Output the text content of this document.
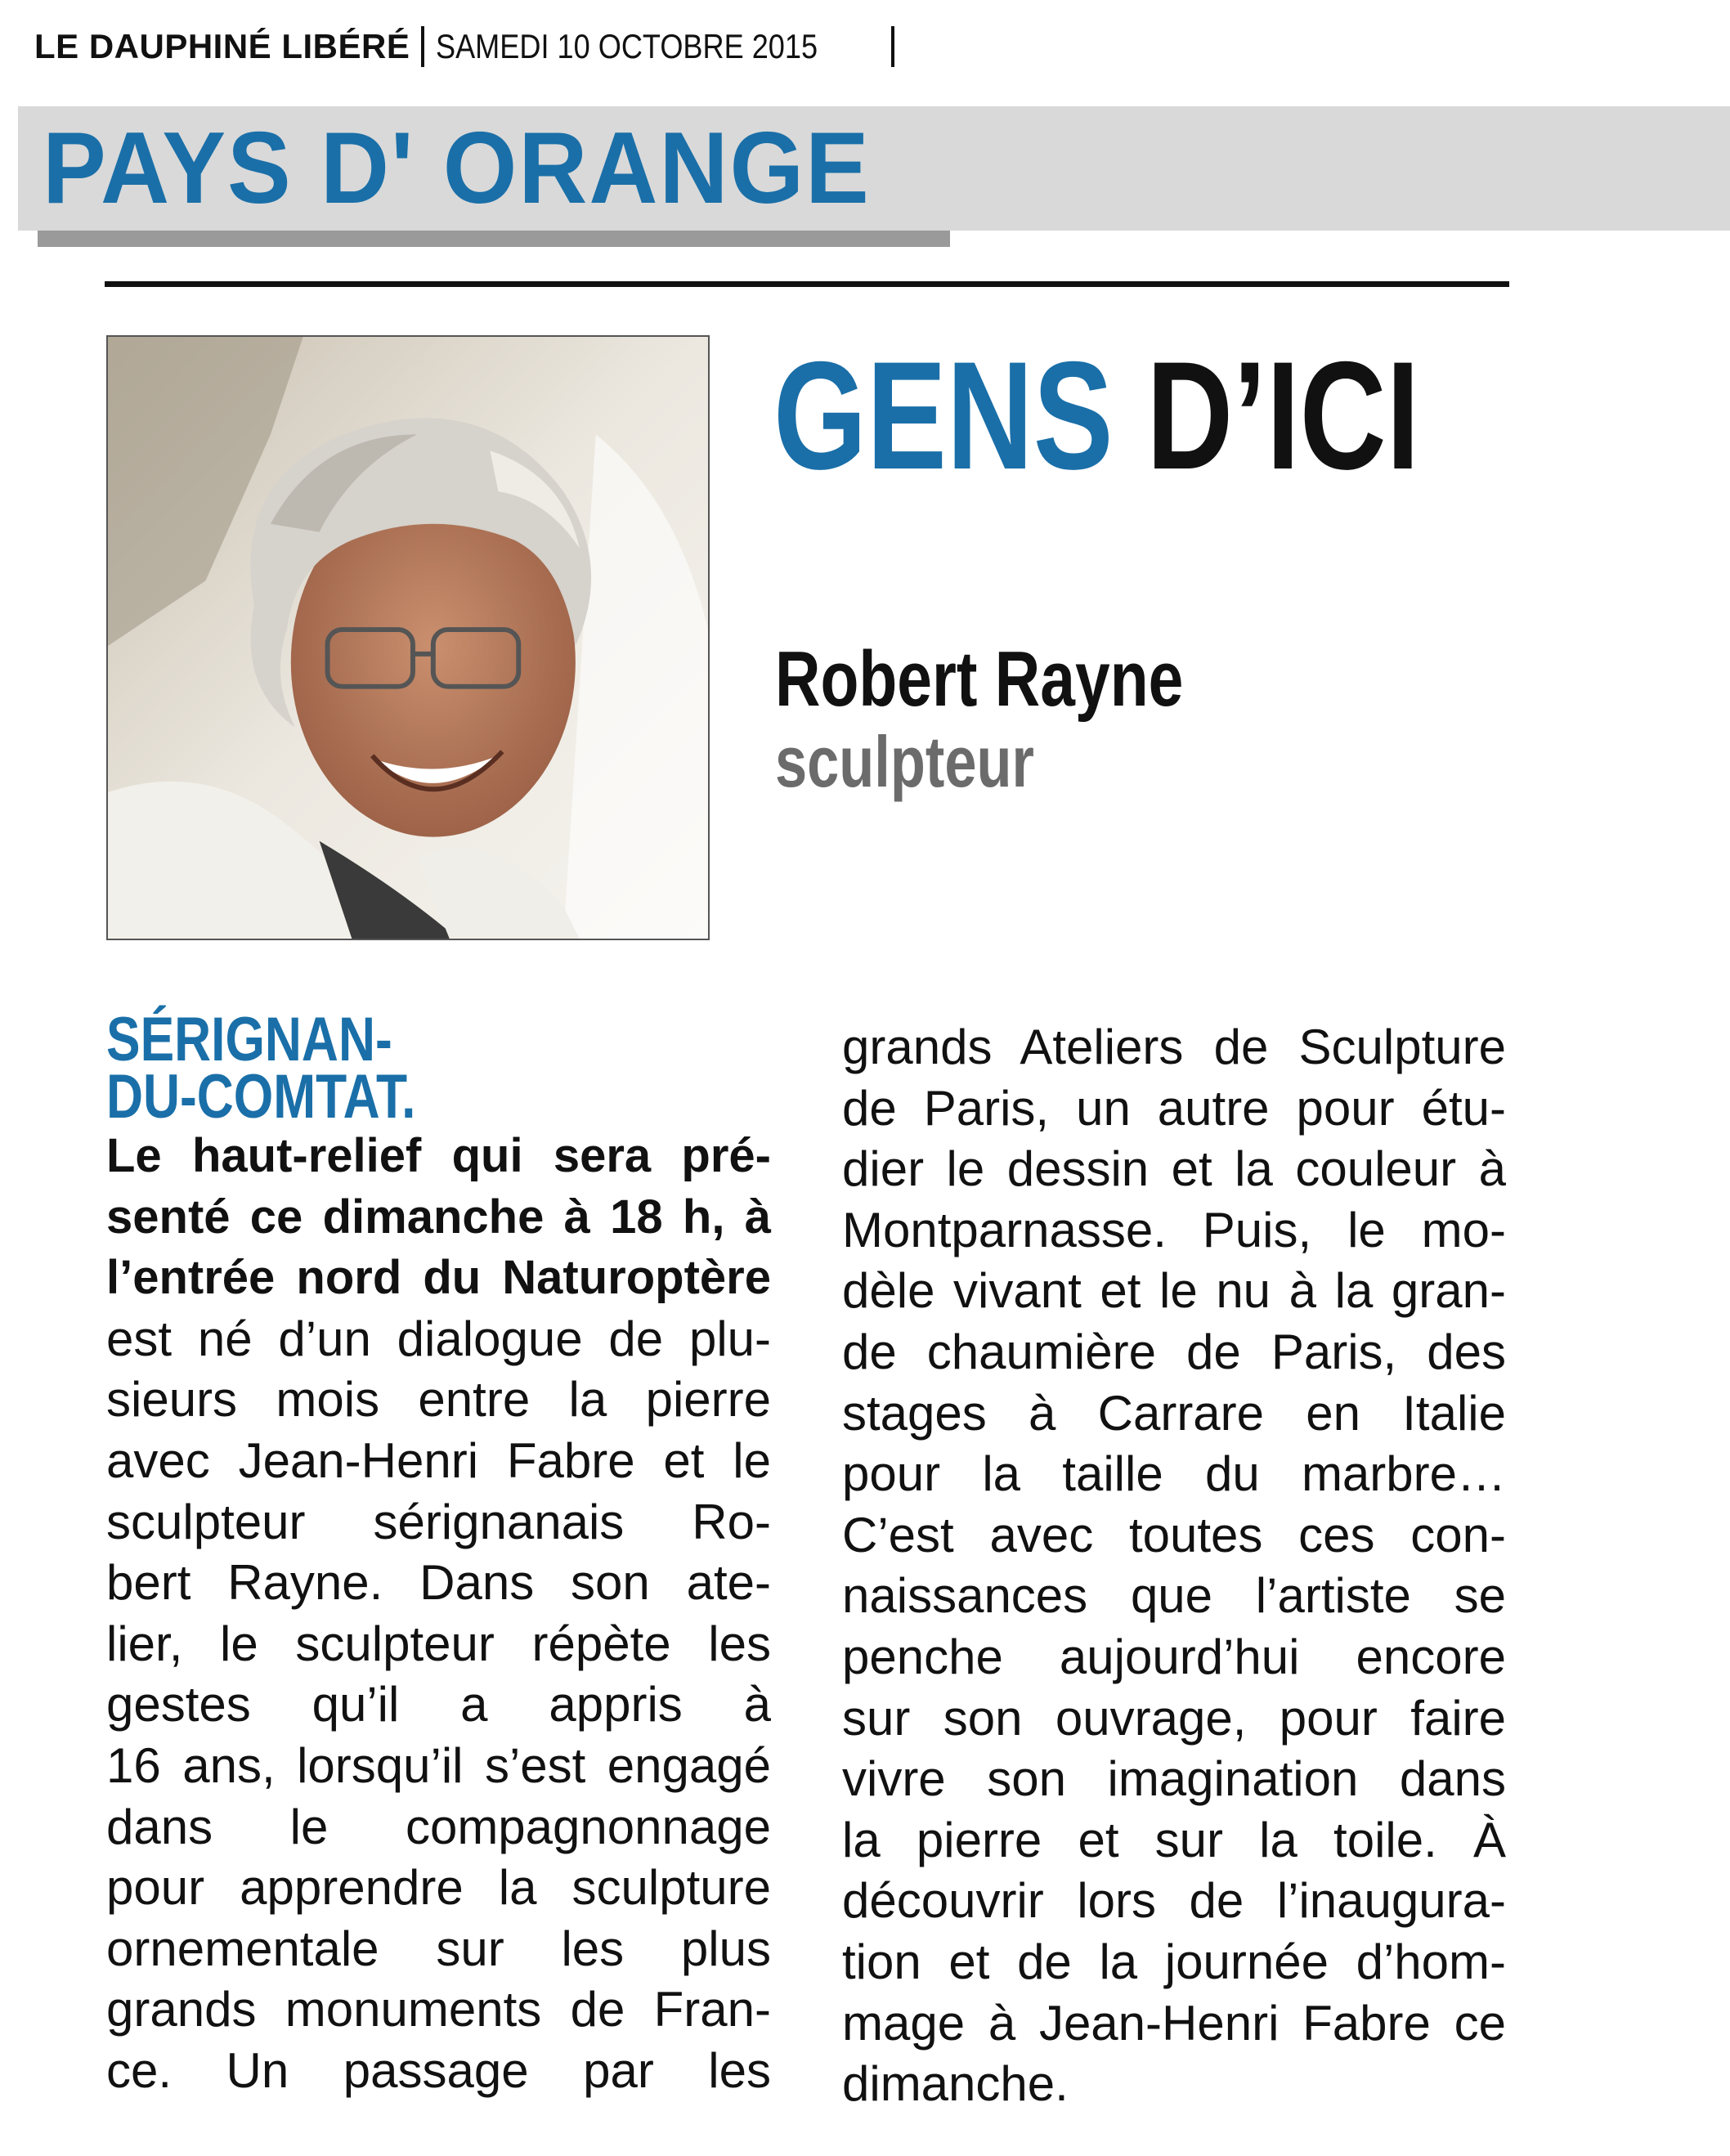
LE DAUPHINÉ LIBÉRÉ SAMEDI 10 OCTOBRE 2015
PAYS D' ORANGE
GENS D’ICI
Robert Rayne
sculpteur
SÉRIGNAN-
DU-COMTAT.
Le haut-relief qui sera pré-
senté ce dimanche à 18 h, à
l’entrée nord du Naturoptère
est né d’un dialogue de plu-
sieurs mois entre la pierre
avec Jean-Henri Fabre et le
sculpteur sérignanais Ro-
bert Rayne. Dans son ate-
lier, le sculpteur répète les
gestes qu’il a appris à
16 ans, lorsqu’il s’est engagé
dans le compagnonnage
pour apprendre la sculpture
ornementale sur les plus
grands monuments de Fran-
ce. Un passage par les
grands Ateliers de Sculpture
de Paris, un autre pour étu-
dier le dessin et la couleur à
Montparnasse. Puis, le mo-
dèle vivant et le nu à la gran-
de chaumière de Paris, des
stages à Carrare en Italie
pour la taille du marbre…
C’est avec toutes ces con-
naissances que l’artiste se
penche aujourd’hui encore
sur son ouvrage, pour faire
vivre son imagination dans
la pierre et sur la toile. À
découvrir lors de l’inaugura-
tion et de la journée d’hom-
mage à Jean-Henri Fabre ce
dimanche.
